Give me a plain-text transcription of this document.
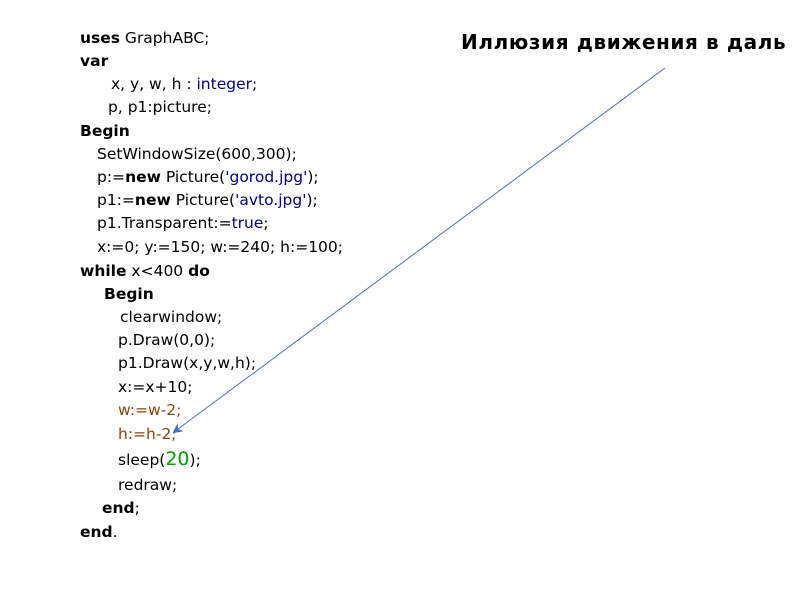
uses GraphABC;
var
x, y, w, h : integer;
p, p1:picture;
Begin
SetWindowSize(600,300);
p:=new Picture('gorod.jpg');
p1:=new Picture('avto.jpg');
p1.Transparent:=true;
x:=0; y:=150; w:=240; h:=100;
while x<400 do
Begin
clearwindow;
p.Draw(0,0);
p1.Draw(x,y,w,h);
x:=x+10;
w:=w-2;
h:=h-2;
sleep(20);
redraw;
end;
end.
Иллюзия движения в даль
